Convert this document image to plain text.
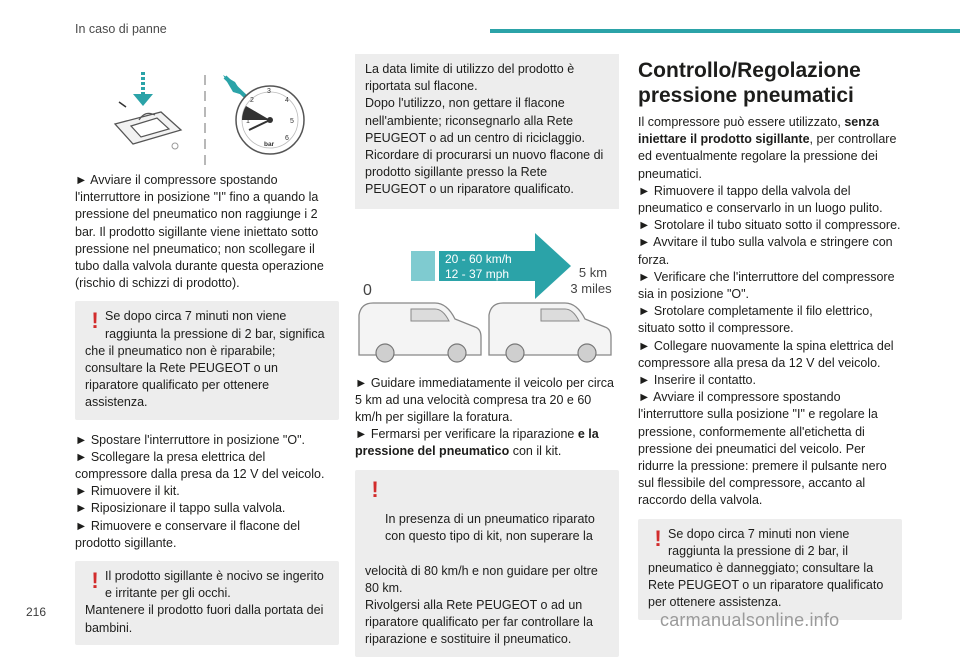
In caso di panne
1
2
3
4
5
6
bar

► Avviare il compressore spostando l'interruttore in posizione "I" fino a quando la pressione del pneumatico non raggiunge i 2 bar. Il prodotto sigillante viene iniettato sotto pressione nel pneumatico; non scollegare il tubo dalla valvola durante questa operazione (rischio di schizzi di prodotto).

! Se dopo circa 7 minuti non viene raggiunta la pressione di 2 bar, significa
che il pneumatico non è riparabile; consultare la Rete PEUGEOT o un riparatore qualificato per ottenere assistenza.

► Spostare l'interruttore in posizione "O".
► Scollegare la presa elettrica del compressore dalla presa da 12 V del veicolo.
► Rimuovere il kit.
► Riposizionare il tappo sulla valvola.
► Rimuovere e conservare il flacone del prodotto sigillante.

! Il prodotto sigillante è nocivo se ingerito e irritante per gli occhi.
Mantenere il prodotto fuori dalla portata dei bambini.

La data limite di utilizzo del prodotto è riportata sul flacone.
Dopo l'utilizzo, non gettare il flacone nell'ambiente; riconsegnarlo alla Rete PEUGEOT o ad un centro di riciclaggio.
Ricordare di procurarsi un nuovo flacone di prodotto sigillante presso la Rete PEUGEOT o un riparatore qualificato.

20 - 60 km/h
12 - 37 mph
0
5 km
3 miles

► Guidare immediatamente il veicolo per circa 5 km ad una velocità compresa tra 20 e 60 km/h per sigillare la foratura.
► Fermarsi per verificare la riparazione e la pressione del pneumatico con il kit.

!

In presenza di un pneumatico riparato con questo tipo di kit, non superare la

velocità di 80 km/h e non guidare per oltre 80 km.
Rivolgersi alla Rete PEUGEOT o ad un riparatore qualificato per far controllare la riparazione e sostituire il pneumatico.

Controllo/Regolazione pressione pneumatici

Il compressore può essere utilizzato, senza iniettare il prodotto sigillante, per controllare ed eventualmente regolare la pressione dei pneumatici.
► Rimuovere il tappo della valvola del pneumatico e conservarlo in un luogo pulito.
► Srotolare il tubo situato sotto il compressore.
► Avvitare il tubo sulla valvola e stringere con forza.
► Verificare che l'interruttore del compressore sia in posizione "O".
► Srotolare completamente il filo elettrico, situato sotto il compressore.
► Collegare nuovamente la spina elettrica del compressore alla presa da 12 V del veicolo.
► Inserire il contatto.
► Avviare il compressore spostando l'interruttore sulla posizione "I" e regolare la pressione, conformemente all'etichetta di pressione dei pneumatici del veicolo. Per ridurre la pressione: premere il pulsante nero sul flessibile del compressore, accanto al raccordo della valvola.

! Se dopo circa 7 minuti non viene raggiunta la pressione di 2 bar, il
pneumatico è danneggiato; consultare la Rete PEUGEOT o un riparatore qualificato per ottenere assistenza.
216	carmanualsonline.info
